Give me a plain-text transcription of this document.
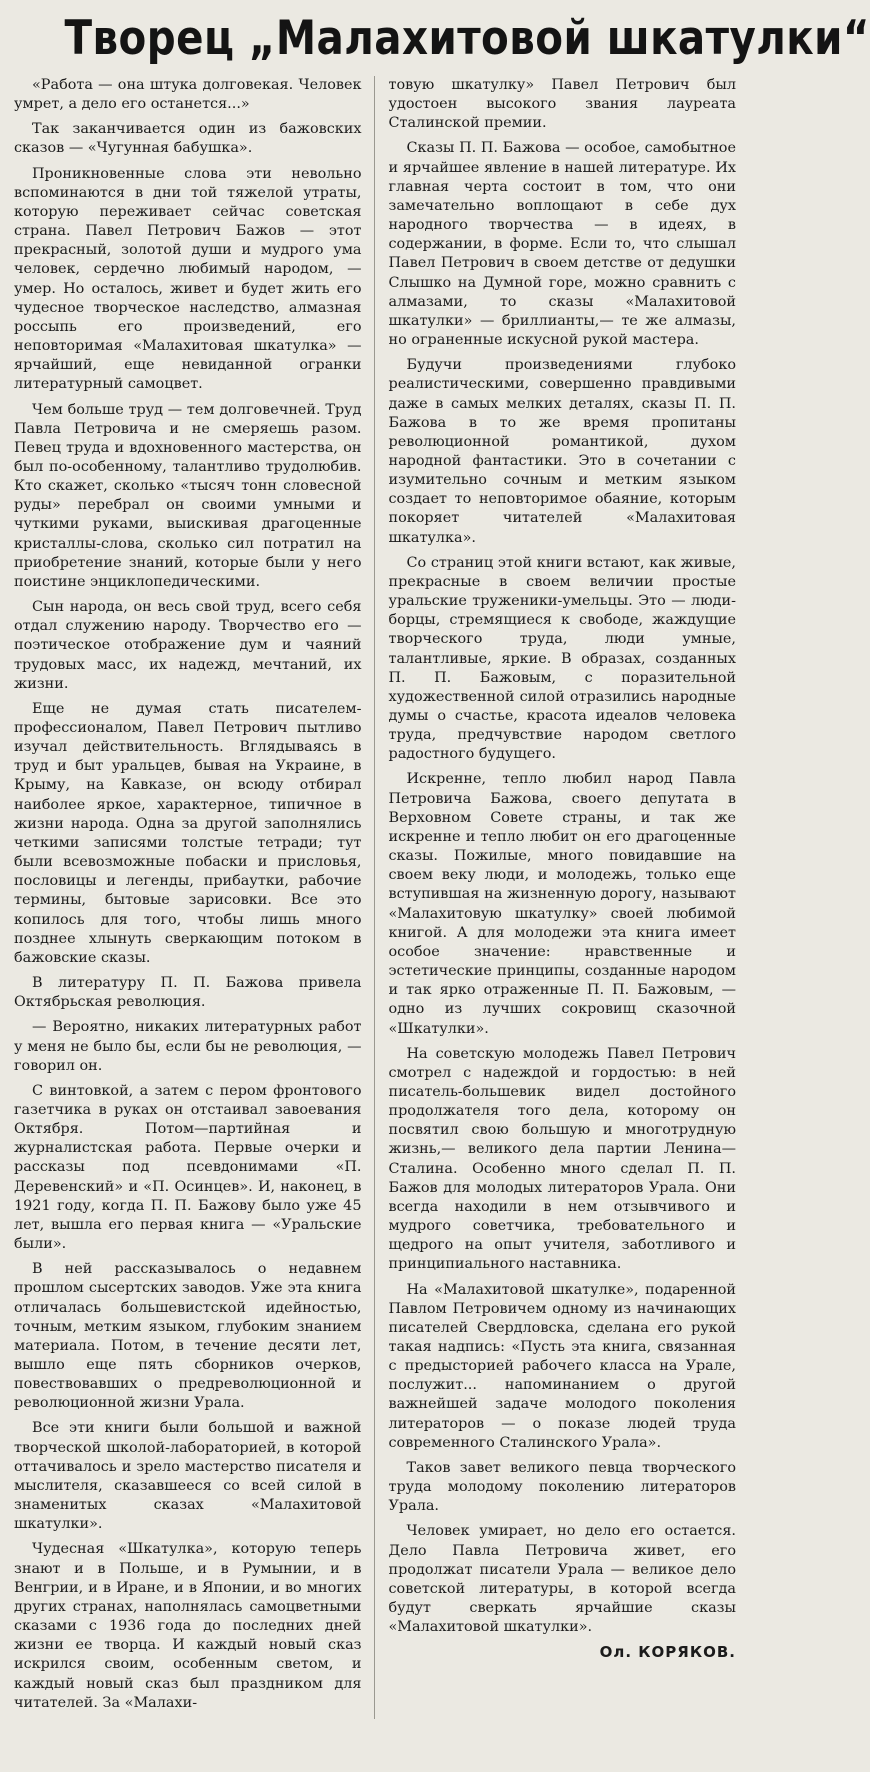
Творец „Малахитовой шкатулки“

«Работа — она штука долговекая. Человек умрет, а дело его останется...»

Так заканчивается один из бажовских сказов — «Чугунная бабушка».

Проникновенные слова эти невольно вспоминаются в дни той тяжелой утраты, которую переживает сейчас советская страна. Павел Петрович Бажов — этот прекрасный, золотой души и мудрого ума человек, сердечно любимый народом, — умер. Но осталось, живет и будет жить его чудесное творческое наследство, алмазная россыпь его произведений, его неповторимая «Малахитовая шкатулка» — ярчайший, еще невиданной огранки литературный самоцвет.

Чем больше труд — тем долговечней. Труд Павла Петровича и не смеряешь разом. Певец труда и вдохновенного мастерства, он был по-особенному, талантливо трудолюбив. Кто скажет, сколько «тысяч тонн словесной руды» перебрал он своими умными и чуткими руками, выискивая драгоценные кристаллы-слова, сколько сил потратил на приобретение знаний, которые были у него поистине энциклопедическими.

Сын народа, он весь свой труд, всего себя отдал служению народу. Творчество его — поэтическое отображение дум и чаяний трудовых масс, их надежд, мечтаний, их жизни.

Еще не думая стать писателем-профессионалом, Павел Петрович пытливо изучал действительность. Вглядываясь в труд и быт уральцев, бывая на Украине, в Крыму, на Кавказе, он всюду отбирал наиболее яркое, характерное, типичное в жизни народа. Одна за другой заполнялись четкими записями толстые тетради; тут были всевозможные побаски и присловья, пословицы и легенды, прибаутки, рабочие термины, бытовые зарисовки. Все это копилось для того, чтобы лишь много позднее хлынуть сверкающим потоком в бажовские сказы.

В литературу П. П. Бажова привела Октябрьская революция.

— Вероятно, никаких литературных работ у меня не было бы, если бы не революция, — говорил он.

С винтовкой, а затем с пером фронтового газетчика в руках он отстаивал завоевания Октября. Потом—партийная и журналистская работа. Первые очерки и рассказы под псевдонимами «П. Деревенский» и «П. Осинцев». И, наконец, в 1921 году, когда П. П. Бажову было уже 45 лет, вышла его первая книга — «Уральские были».

В ней рассказывалось о недавнем прошлом сысертских заводов. Уже эта книга отличалась большевистской идейностью, точным, метким языком, глубоким знанием материала. Потом, в течение десяти лет, вышло еще пять сборников очерков, повествовавших о предреволюционной и революционной жизни Урала.

Все эти книги были большой и важной творческой школой-лабораторией, в которой оттачивалось и зрело мастерство писателя и мыслителя, сказавшееся со всей силой в знаменитых сказах «Малахитовой шкатулки».

Чудесная «Шкатулка», которую теперь знают и в Польше, и в Румынии, и в Венгрии, и в Иране, и в Японии, и во многих других странах, наполнялась самоцветными сказами с 1936 года до последних дней жизни ее творца. И каждый новый сказ искрился своим, особенным светом, и каждый новый сказ был праздником для читателей. За «Малахи-

товую шкатулку» Павел Петрович был удостоен высокого звания лауреата Сталинской премии.

Сказы П. П. Бажова — особое, самобытное и ярчайшее явление в нашей литературе. Их главная черта состоит в том, что они замечательно воплощают в себе дух народного творчества — в идеях, в содержании, в форме. Если то, что слышал Павел Петрович в своем детстве от дедушки Слышко на Думной горе, можно сравнить с алмазами, то сказы «Малахитовой шкатулки» — бриллианты,— те же алмазы, но ограненные искусной рукой мастера.

Будучи произведениями глубоко реалистическими, совершенно правдивыми даже в самых мелких деталях, сказы П. П. Бажова в то же время пропитаны революционной романтикой, духом народной фантастики. Это в сочетании с изумительно сочным и метким языком создает то неповторимое обаяние, которым покоряет читателей «Малахитовая шкатулка».

Со страниц этой книги встают, как живые, прекрасные в своем величии простые уральские труженики-умельцы. Это — люди-борцы, стремящиеся к свободе, жаждущие творческого труда, люди умные, талантливые, яркие. В образах, созданных П. П. Бажовым, с поразительной художественной силой отразились народные думы о счастье, красота идеалов человека труда, предчувствие народом светлого радостного будущего.

Искренне, тепло любил народ Павла Петровича Бажова, своего депутата в Верховном Совете страны, и так же искренне и тепло любит он его драгоценные сказы. Пожилые, много повидавшие на своем веку люди, и молодежь, только еще вступившая на жизненную дорогу, называют «Малахитовую шкатулку» своей любимой книгой. А для молодежи эта книга имеет особое значение: нравственные и эстетические принципы, созданные народом и так ярко отраженные П. П. Бажовым, — одно из лучших сокровищ сказочной «Шкатулки».

На советскую молодежь Павел Петрович смотрел с надеждой и гордостью: в ней писатель-большевик видел достойного продолжателя того дела, которому он посвятил свою большую и многотрудную жизнь,— великого дела партии Ленина—Сталина. Особенно много сделал П. П. Бажов для молодых литераторов Урала. Они всегда находили в нем отзывчивого и мудрого советчика, требовательного и щедрого на опыт учителя, заботливого и принципиального наставника.

На «Малахитовой шкатулке», подаренной Павлом Петровичем одному из начинающих писателей Свердловска, сделана его рукой такая надпись: «Пусть эта книга, связанная с предысторией рабочего класса на Урале, послужит... напоминанием о другой важнейшей задаче молодого поколения литераторов — о показе людей труда современного Сталинского Урала».

Таков завет великого певца творческого труда молодому поколению литераторов Урала.

Человек умирает, но дело его остается. Дело Павла Петровича живет, его продолжат писатели Урала — великое дело советской литературы, в которой всегда будут сверкать ярчайшие сказы «Малахитовой шкатулки».

Ол. КОРЯКОВ.
